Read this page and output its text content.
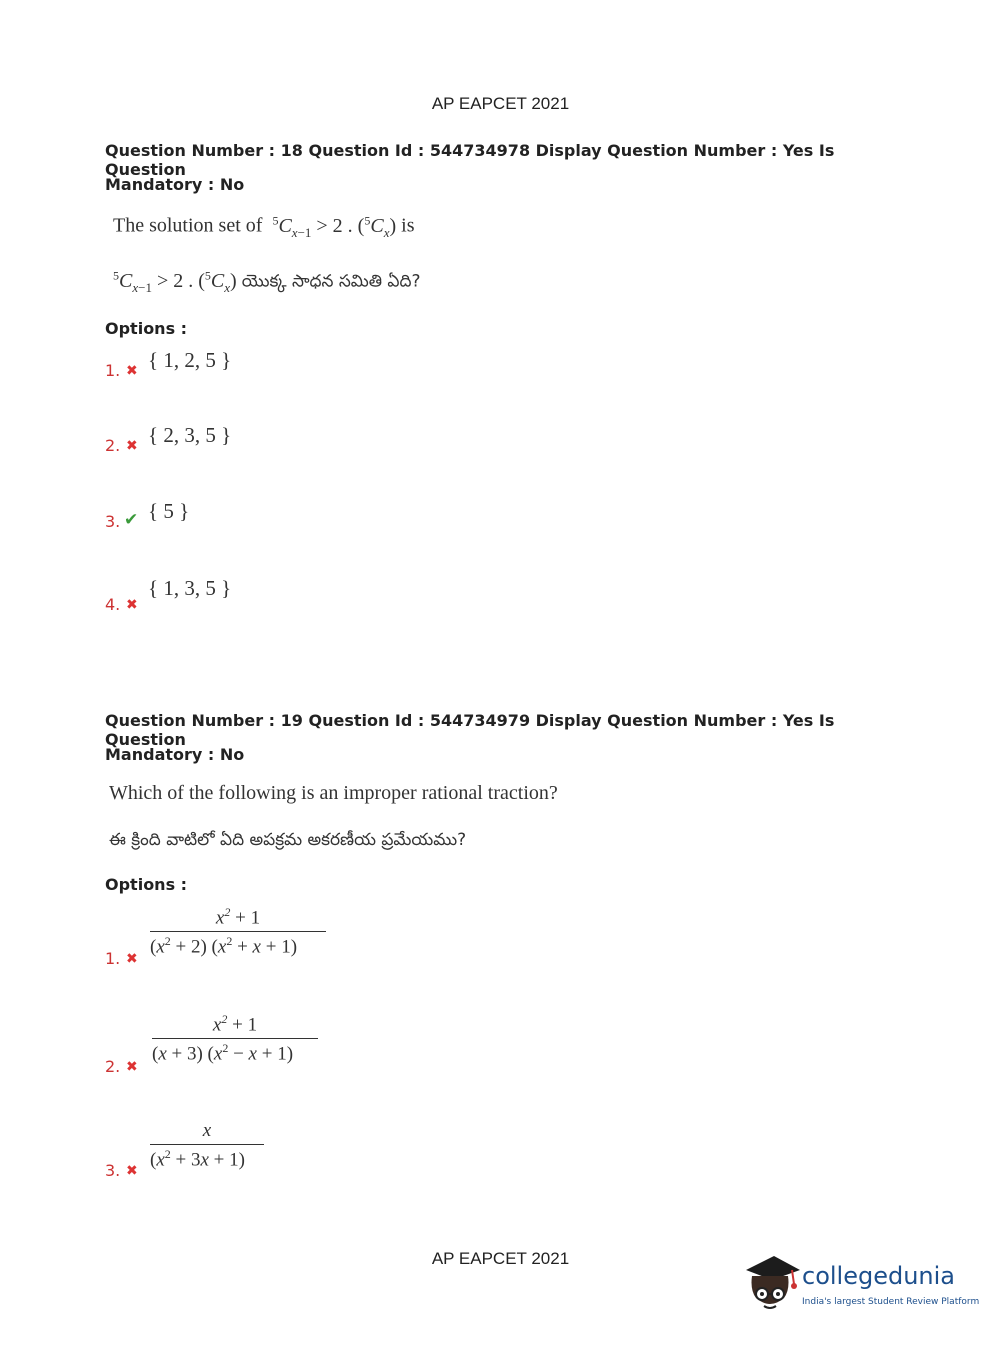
AP EAPCET 2021
Question Number : 18 Question Id : 544734978 Display Question Number : Yes Is Question
Mandatory : No
The solution set of $^5C_{x-1} > 2$ . $(^5C_x)$ is
$^5C_{x-1} > 2$ . $(^5C_x)$ యొక్క సాధన సమితి ఏది?
Options :
1. ✖ { 1, 2, 5 }
2. ✖ { 2, 3, 5 }
3. ✔ { 5 }
4. ✖
{ 1, 3, 5 }
Question Number : 19 Question Id : 544734979 Display Question Number : Yes Is Question
Mandatory : No
Which of the following is an improper rational traction?
ఈ క్రింది వాటిలో ఏది అపక్రమ అకరణీయ ప్రమేయము?
Options :
1. ✖
$x^2 + 1$
$(x^2 + 2) (x^2 + x + 1)$
2. ✖
$x^2 + 1$
(x + 3) $(x^2 - x + 1)$
3. ✖
x
$(x^2 + 3x + 1)$
AP EAPCET 2021
collegedunia
India's largest Student Review Platform
